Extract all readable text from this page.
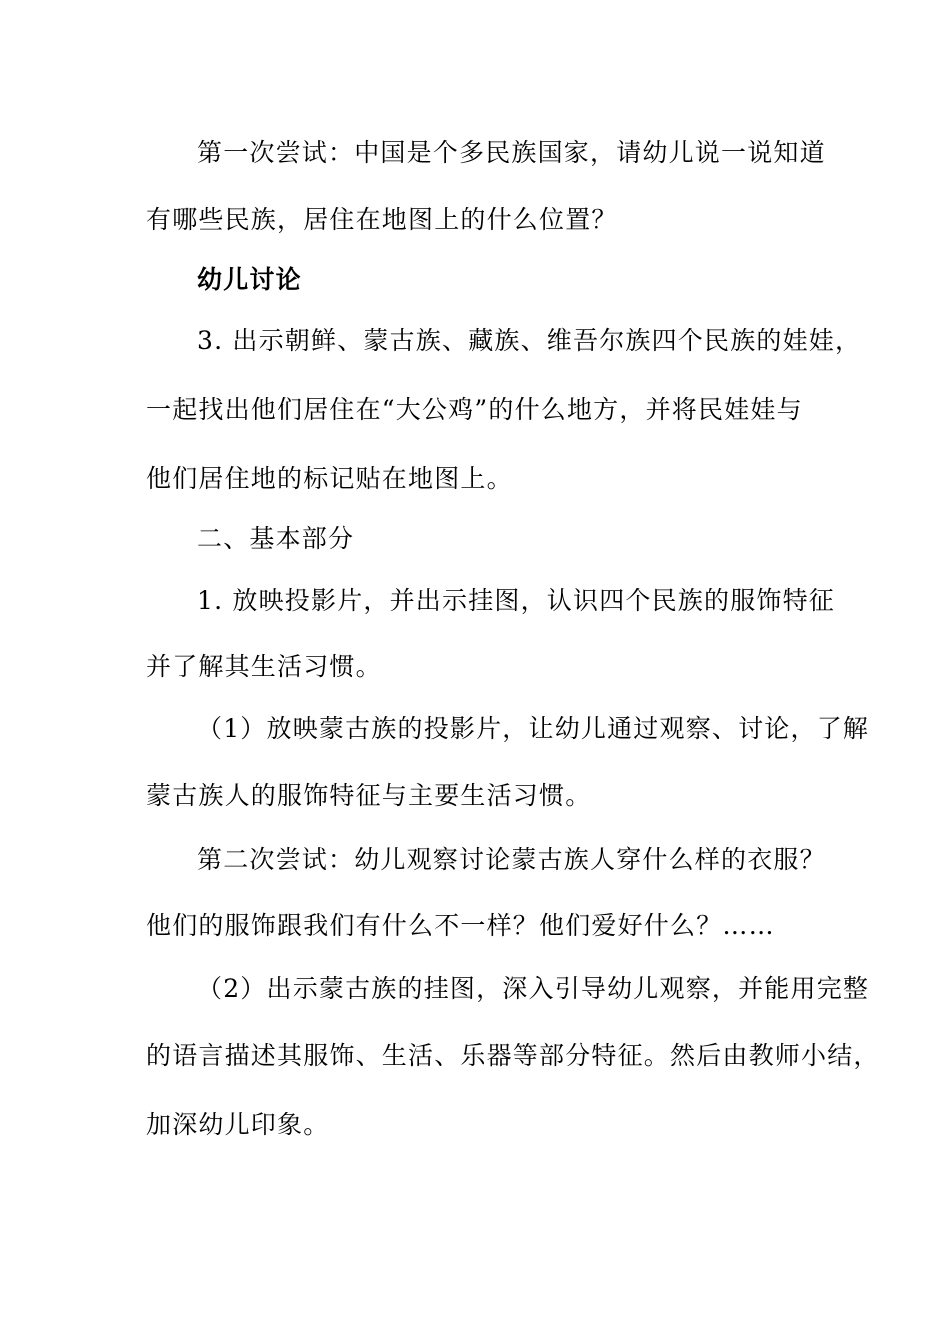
第一次尝试：中国是个多民族国家，请幼儿说一说知道
有哪些民族，居住在地图上的什么位置？
幼儿讨论
3. 出示朝鲜、蒙古族、藏族、维吾尔族四个民族的娃娃，
一起找出他们居住在“大公鸡”的什么地方，并将民娃娃与
他们居住地的标记贴在地图上。
二、基本部分
1. 放映投影片，并出示挂图，认识四个民族的服饰特征
并了解其生活习惯。
（1）放映蒙古族的投影片，让幼儿通过观察、讨论，了解
蒙古族人的服饰特征与主要生活习惯。
第二次尝试：幼儿观察讨论蒙古族人穿什么样的衣服？
他们的服饰跟我们有什么不一样？他们爱好什么？……
（2）出示蒙古族的挂图，深入引导幼儿观察，并能用完整
的语言描述其服饰、生活、乐器等部分特征。然后由教师小结，
加深幼儿印象。
